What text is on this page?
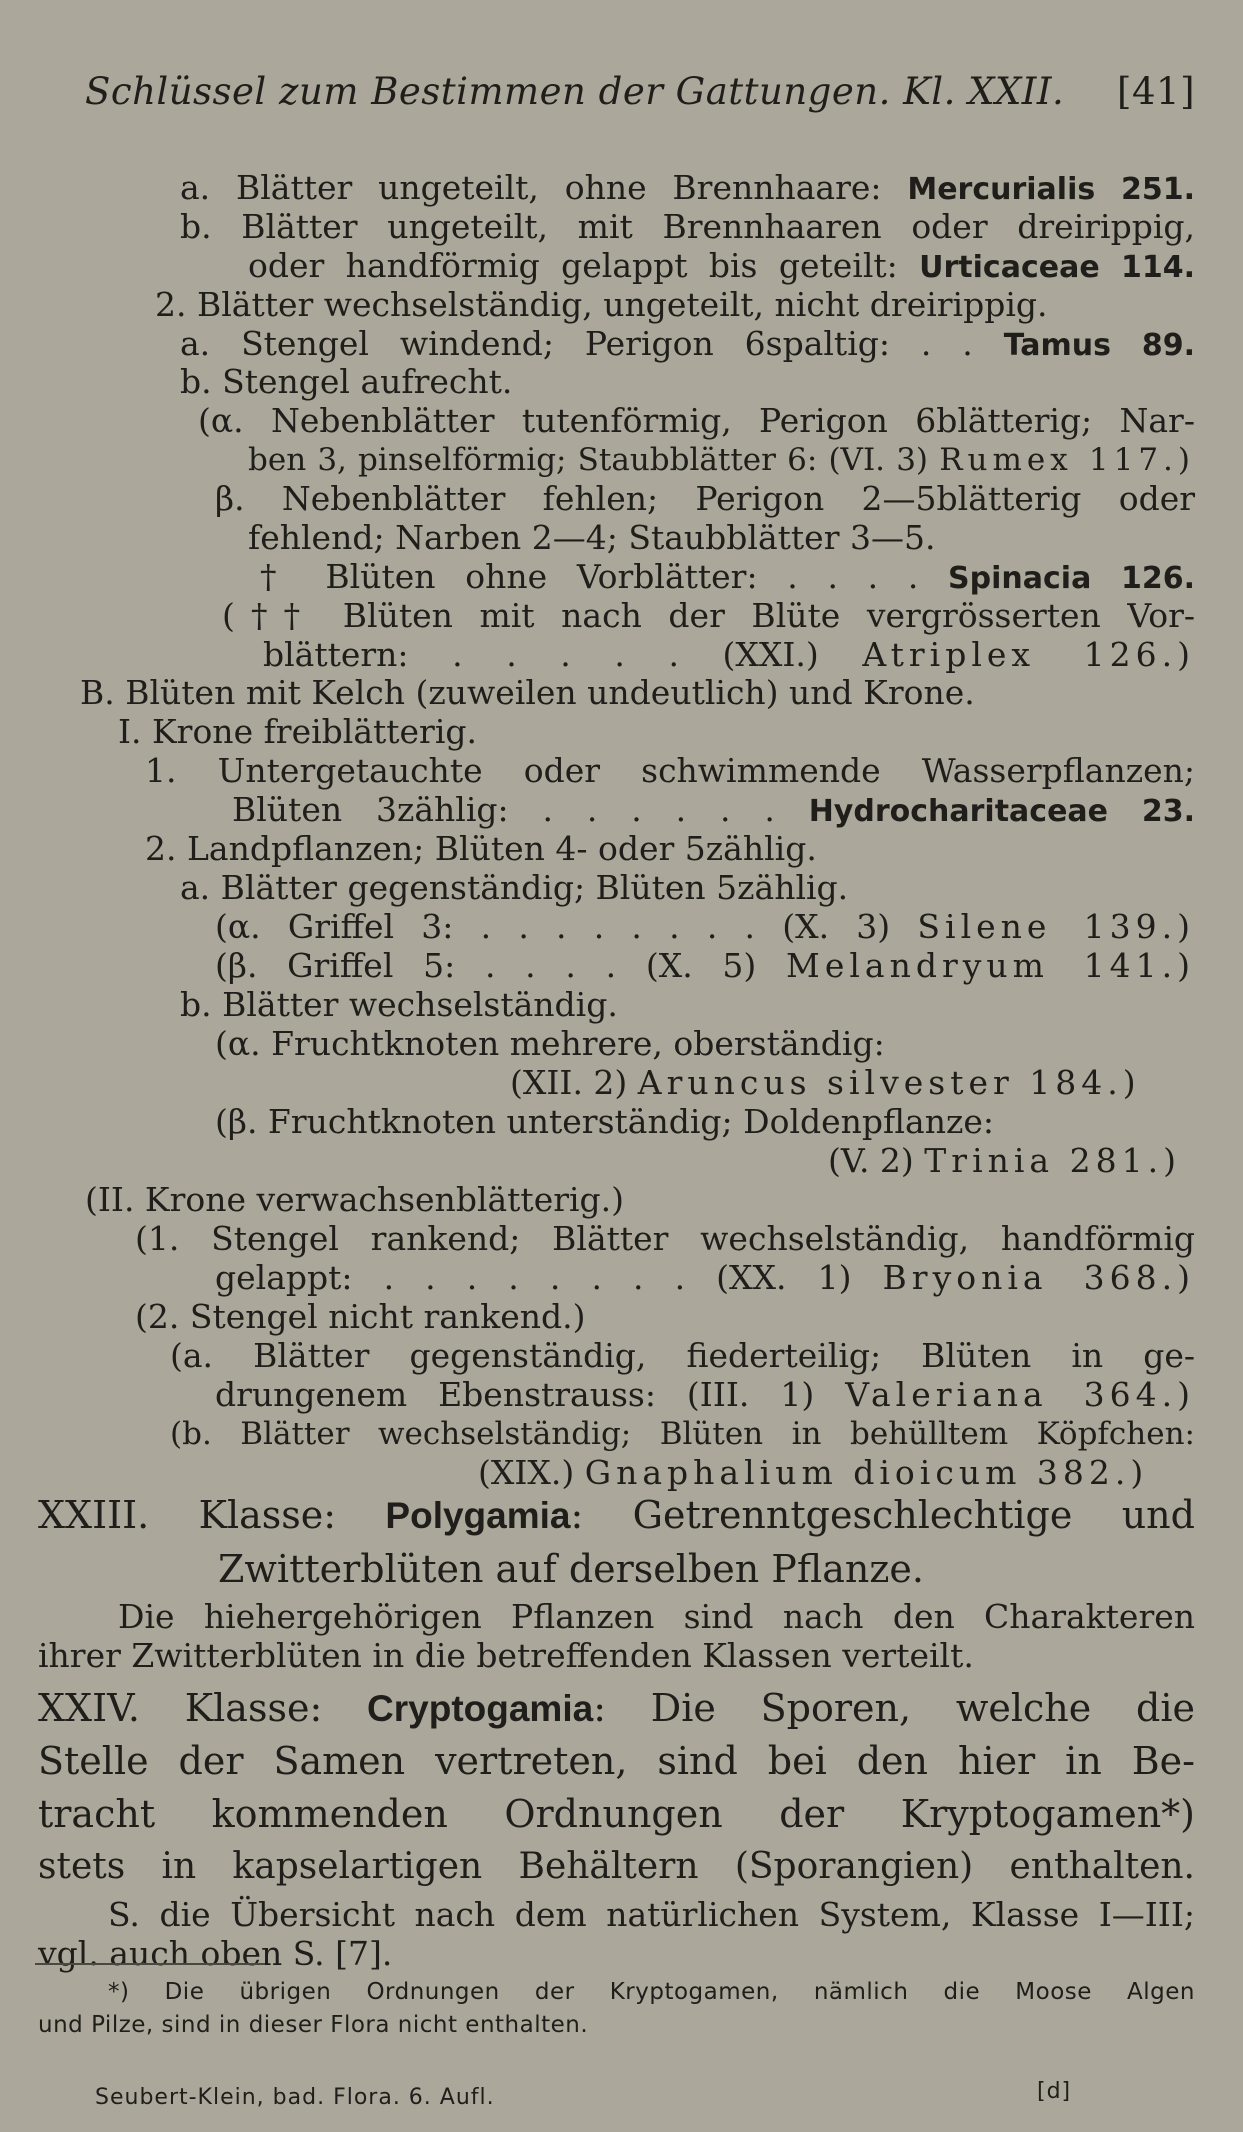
Schlüssel zum Bestimmen der Gattungen. Kl. XXII. [41]
a. Blätter ungeteilt, ohne Brennhaare: Mercurialis 251.
b. Blätter ungeteilt, mit Brennhaaren oder dreirippig,
oder handförmig gelappt bis geteilt: Urticaceae 114.
2. Blätter wechselständig, ungeteilt, nicht dreirippig.
a. Stengel windend; Perigon 6spaltig: . . Tamus 89.
b. Stengel aufrecht.
(α. Nebenblätter tutenförmig, Perigon 6blätterig; Nar-
ben 3, pinselförmig; Staubblätter 6: (VI. 3) Rumex 117.)
β. Nebenblätter fehlen; Perigon 2—5blätterig oder
fehlend; Narben 2—4; Staubblätter 3—5.
† Blüten ohne Vorblätter: . . . . Spinacia 126.
(†† Blüten mit nach der Blüte vergrösserten Vor-
blättern: . . . . . (XXI.) Atriplex 126.)
B. Blüten mit Kelch (zuweilen undeutlich) und Krone.
I. Krone freiblätterig.
1. Untergetauchte oder schwimmende Wasserpflanzen;
Blüten 3zählig: . . . . . . Hydrocharitaceae 23.
2. Landpflanzen; Blüten 4- oder 5zählig.
a. Blätter gegenständig; Blüten 5zählig.
(α. Griffel 3: . . . . . . . . (X. 3) Silene 139.)
(β. Griffel 5: . . . . (X. 5) Melandryum 141.)
b. Blätter wechselständig.
(α. Fruchtknoten mehrere, oberständig:
(XII. 2) Aruncus silvester 184.)
(β. Fruchtknoten unterständig; Doldenpflanze:
(V. 2) Trinia 281.)
(II. Krone verwachsenblätterig.)
(1. Stengel rankend; Blätter wechselständig, handförmig
gelappt: . . . . . . . . (XX. 1) Bryonia 368.)
(2. Stengel nicht rankend.)
(a. Blätter gegenständig, fiederteilig; Blüten in ge-
drungenem Ebenstrauss: (III. 1) Valeriana 364.)
(b. Blätter wechselständig; Blüten in behülltem Köpfchen:
(XIX.) Gnaphalium dioicum 382.)
XXIII. Klasse: Polygamia: Getrenntgeschlechtige und
Zwitterblüten auf derselben Pflanze.
Die hiehergehörigen Pflanzen sind nach den Charakteren
ihrer Zwitterblüten in die betreffenden Klassen verteilt.
XXIV. Klasse: Cryptogamia: Die Sporen, welche die
Stelle der Samen vertreten, sind bei den hier in Be-
tracht kommenden Ordnungen der Kryptogamen*)
stets in kapselartigen Behältern (Sporangien) enthalten.
S. die Übersicht nach dem natürlichen System, Klasse I—III;
vgl. auch oben S. [7].
*) Die übrigen Ordnungen der Kryptogamen, nämlich die Moose Algen
und Pilze, sind in dieser Flora nicht enthalten.
Seubert-Klein, bad. Flora. 6. Aufl.	[d]
